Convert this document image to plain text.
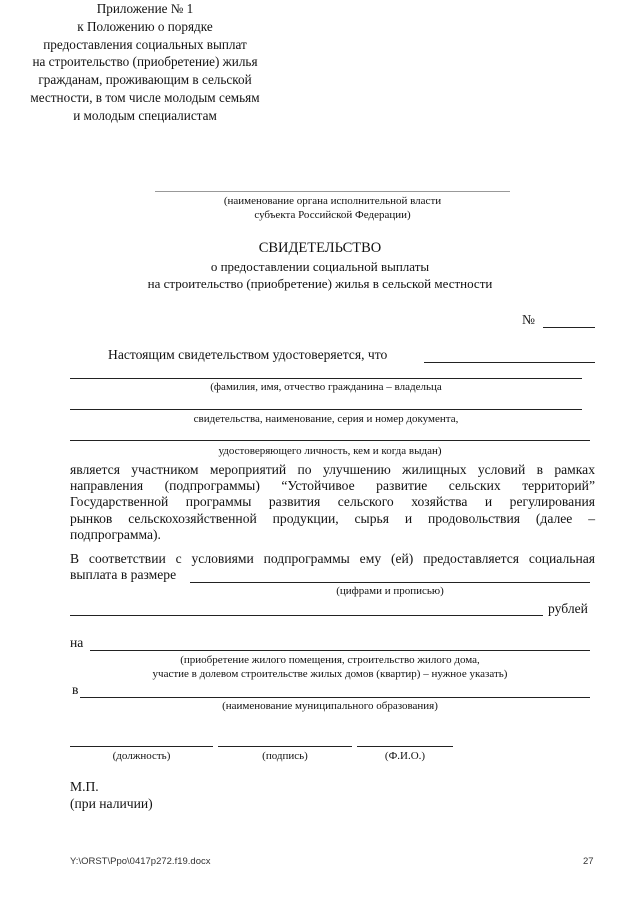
Приложение № 1
к Положению о порядке
предоставления социальных выплат
на строительство (приобретение) жилья
гражданам, проживающим в сельской
местности, в том числе молодым семьям
и молодым специалистам
(наименование органа исполнительной власти
субъекта Российской Федерации)
СВИДЕТЕЛЬСТВО
о предоставлении социальной выплаты
на строительство (приобретение) жилья в сельской местности
№
Настоящим свидетельством удостоверяется, что
(фамилия, имя, отчество гражданина – владельца
свидетельства, наименование, серия и номер документа,
удостоверяющего личность, кем и когда выдан)
является участником мероприятий по улучшению жилищных условий в рамках
направления (подпрограммы) “Устойчивое развитие сельских территорий”
Государственной программы развития сельского хозяйства и регулирования
рынков сельскохозяйственной продукции, сырья и продовольствия (далее –
подпрограмма).
В соответствии с условиями подпрограммы ему (ей) предоставляется социальная
выплата в размере
(цифрами и прописью)
рублей
на
(приобретение жилого помещения, строительство жилого дома,
участие в долевом строительстве жилых домов (квартир) – нужное указать)
в
(наименование муниципального образования)
(должность)	(подпись)	(Ф.И.О.)
М.П.
(при наличии)
Y:\ORST\Ppo\0417p272.f19.docx	27
